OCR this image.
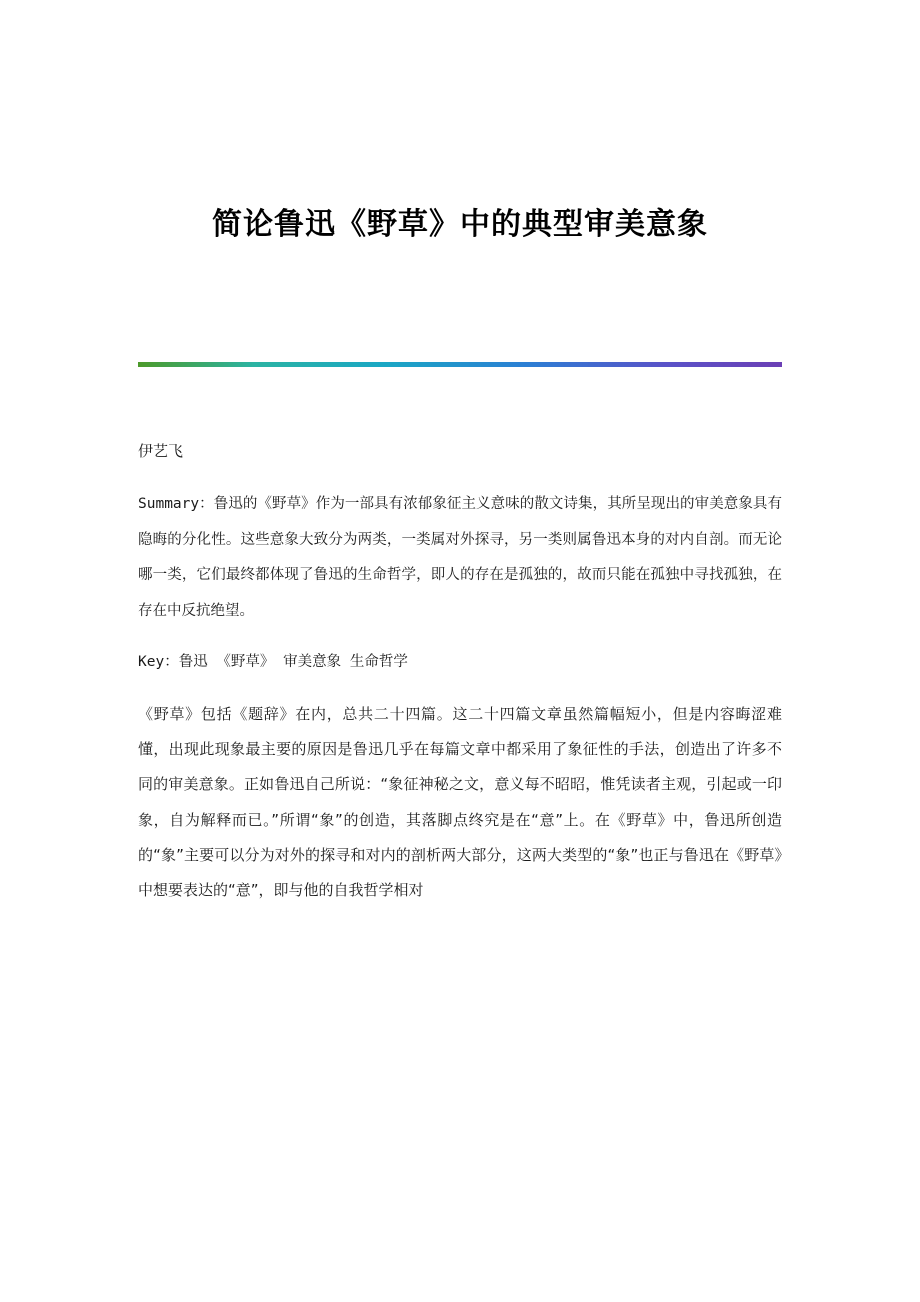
简论鲁迅《野草》中的典型审美意象
伊艺飞

Summary：鲁迅的《野草》作为一部具有浓郁象征主义意味的散文诗集，其所呈现出的审美意象具有隐晦的分化性。这些意象大致分为两类，一类属对外探寻，另一类则属鲁迅本身的对内自剖。而无论哪一类，它们最终都体现了鲁迅的生命哲学，即人的存在是孤独的，故而只能在孤独中寻找孤独，在存在中反抗绝望。

Key：鲁迅 《野草》 审美意象 生命哲学

《野草》包括《题辞》在内，总共二十四篇。这二十四篇文章虽然篇幅短小，但是内容晦涩难懂，出现此现象最主要的原因是鲁迅几乎在每篇文章中都采用了象征性的手法，创造出了许多不同的审美意象。正如鲁迅自己所说：“象征神秘之文，意义每不昭昭，惟凭读者主观，引起或一印象，自为解释而已。”所谓“象”的创造，其落脚点终究是在“意”上。在《野草》中，鲁迅所创造的“象”主要可以分为对外的探寻和对内的剖析两大部分，这两大类型的“象”也正与鲁迅在《野草》中想要表达的“意”，即与他的自我哲学相对
